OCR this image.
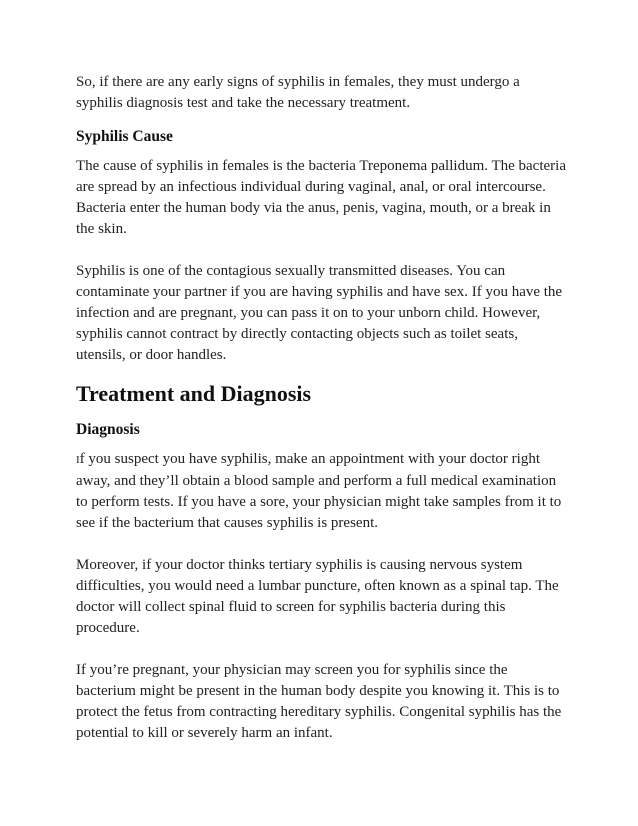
So, if there are any early signs of syphilis in females, they must undergo a syphilis diagnosis test and take the necessary treatment.

Syphilis Cause

The cause of syphilis in females is the bacteria Treponema pallidum. The bacteria are spread by an infectious individual during vaginal, anal, or oral intercourse. Bacteria enter the human body via the anus, penis, vagina, mouth, or a break in the skin.

Syphilis is one of the contagious sexually transmitted diseases. You can contaminate your partner if you are having syphilis and have sex. If you have the infection and are pregnant, you can pass it on to your unborn child. However, syphilis cannot contract by directly contacting objects such as toilet seats, utensils, or door handles.

Treatment and Diagnosis
Diagnosis

If you suspect you have syphilis, make an appointment with your doctor right away, and they’ll obtain a blood sample and perform a full medical examination to perform tests. If you have a sore, your physician might take samples from it to see if the bacterium that causes syphilis is present.

Moreover, if your doctor thinks tertiary syphilis is causing nervous system difficulties, you would need a lumbar puncture, often known as a spinal tap. The doctor will collect spinal fluid to screen for syphilis bacteria during this procedure.

If you’re pregnant, your physician may screen you for syphilis since the bacterium might be present in the human body despite you knowing it. This is to protect the fetus from contracting hereditary syphilis. Congenital syphilis has the potential to kill or severely harm an infant.
